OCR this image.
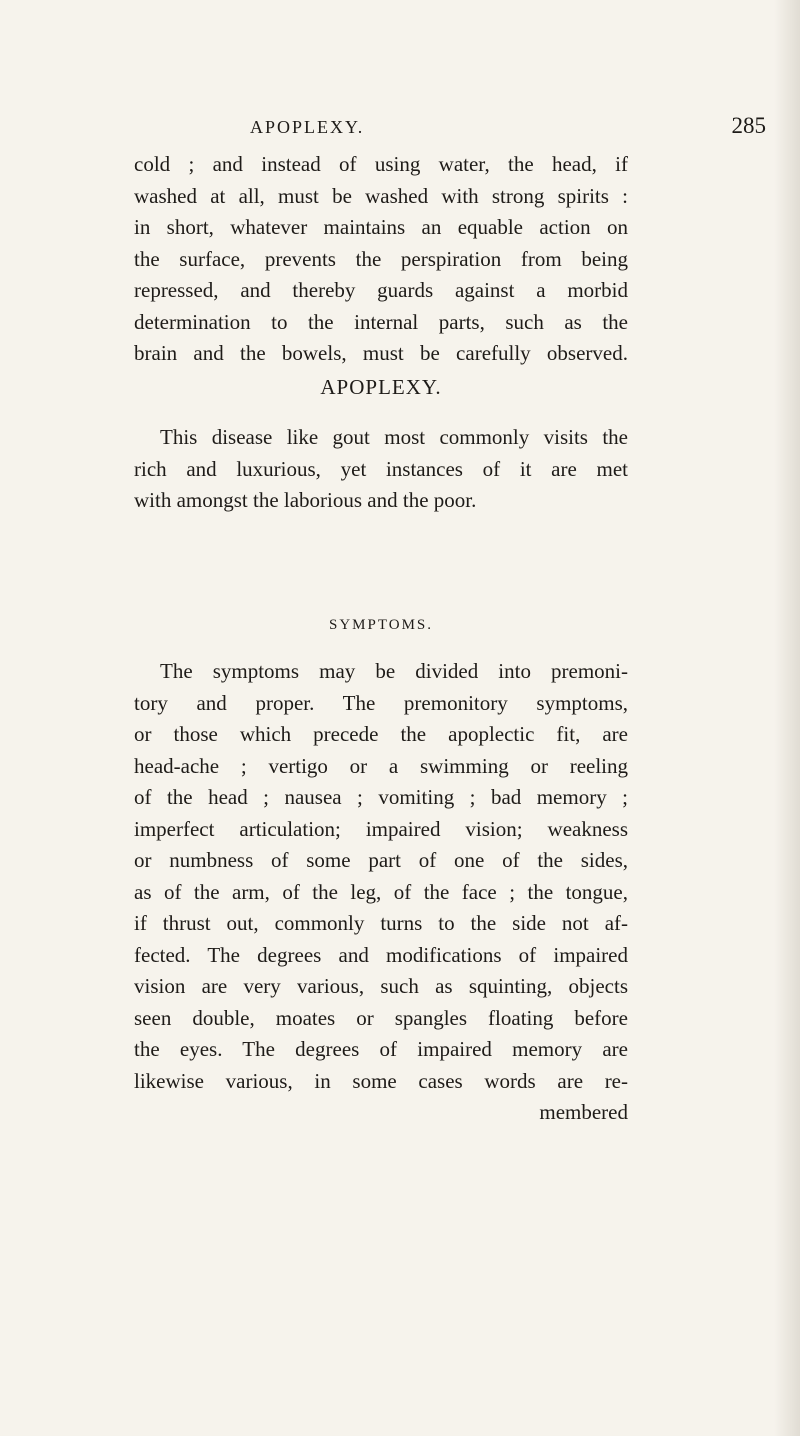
APOPLEXY.	285
cold ; and instead of using water, the head, if
washed at all, must be washed with strong spirits :
in short, whatever maintains an equable action on
the surface, prevents the perspiration from being
repressed, and thereby guards against a morbid
determination to the internal parts, such as the
brain and the bowels, must be carefully observed.
APOPLEXY.
This disease like gout most commonly visits the
rich and luxurious, yet instances of it are met
with amongst the laborious and the poor.
SYMPTOMS.
The symptoms may be divided into premoni-
tory and proper. The premonitory symptoms,
or those which precede the apoplectic fit, are
head-ache ; vertigo or a swimming or reeling
of the head ; nausea ; vomiting ; bad memory ;
imperfect articulation; impaired vision; weakness
or numbness of some part of one of the sides,
as of the arm, of the leg, of the face ; the tongue,
if thrust out, commonly turns to the side not af-
fected. The degrees and modifications of impaired
vision are very various, such as squinting, objects
seen double, moates or spangles floating before
the eyes. The degrees of impaired memory are
likewise various, in some cases words are re-
membered
